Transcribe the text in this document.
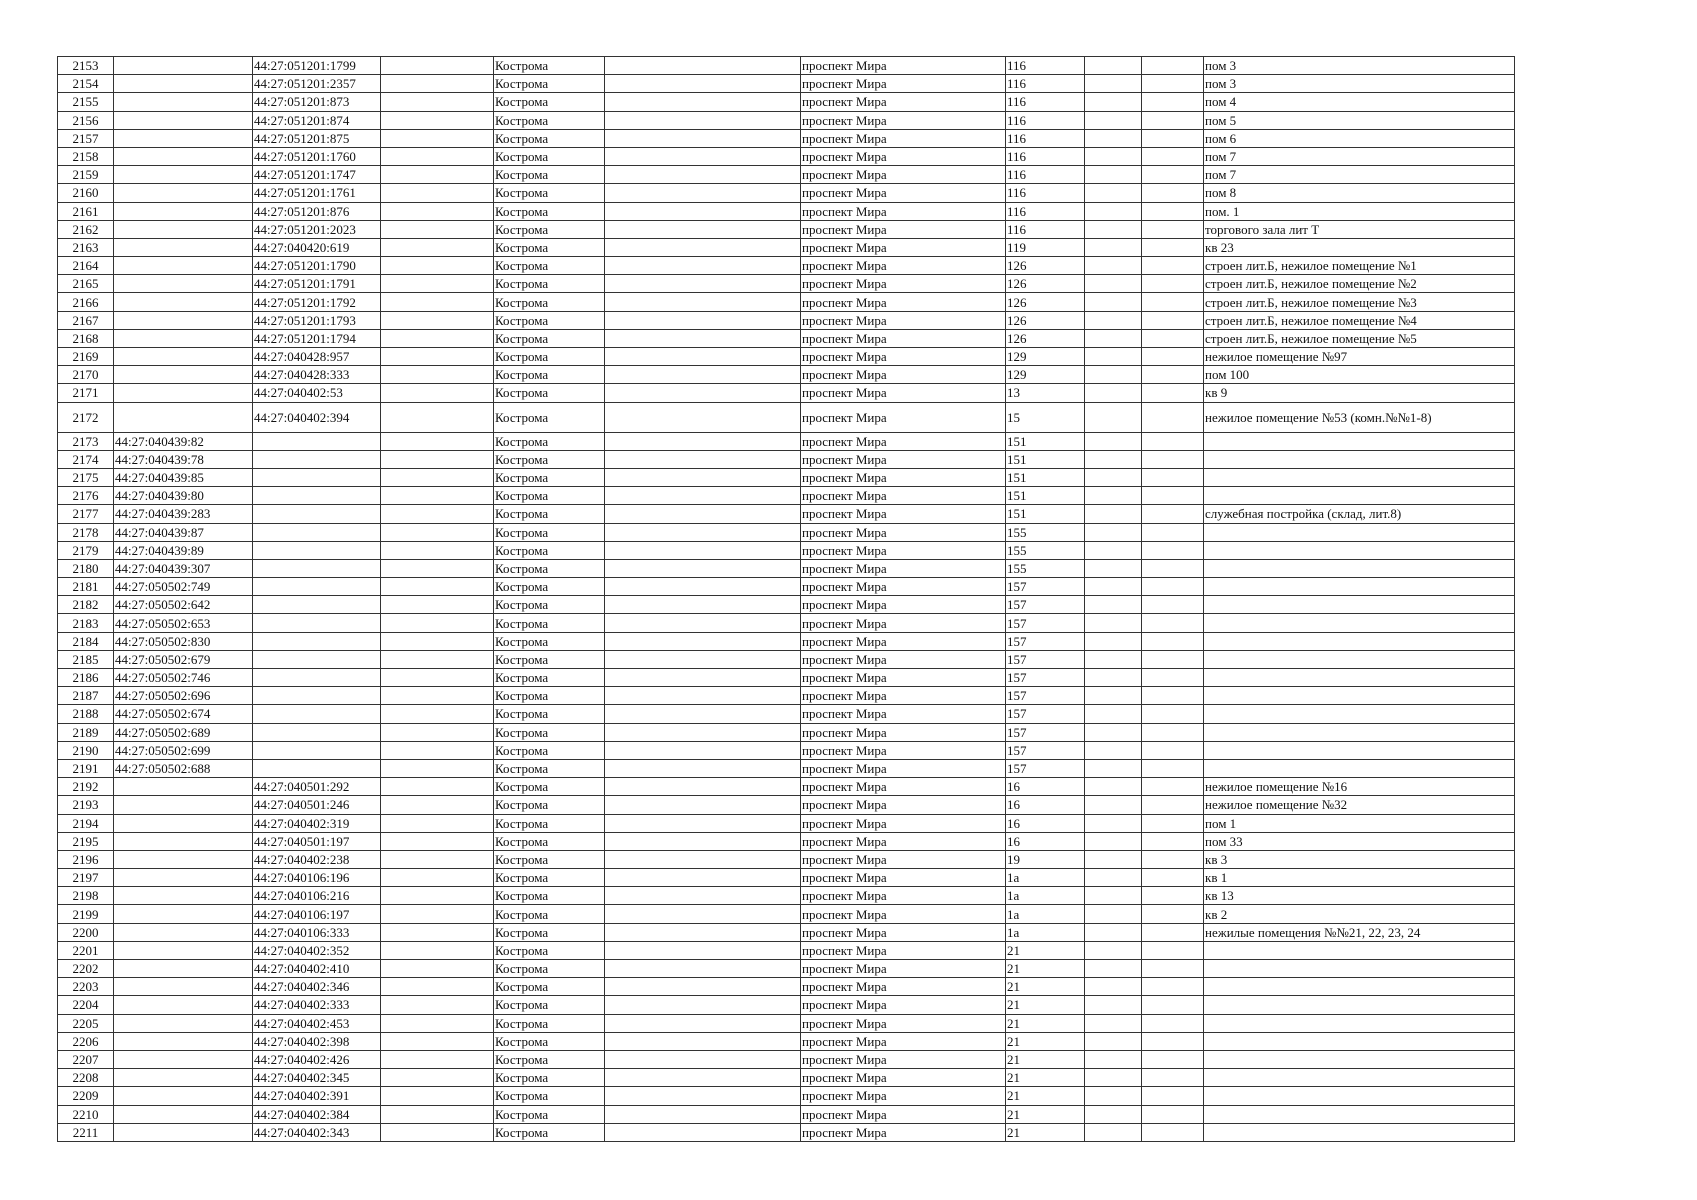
2153		44:27:051201:1799		Кострома		проспект Мира	116			пом 3
2154		44:27:051201:2357		Кострома		проспект Мира	116			пом 3
2155		44:27:051201:873		Кострома		проспект Мира	116			пом 4
2156		44:27:051201:874		Кострома		проспект Мира	116			пом 5
2157		44:27:051201:875		Кострома		проспект Мира	116			пом 6
2158		44:27:051201:1760		Кострома		проспект Мира	116			пом 7
2159		44:27:051201:1747		Кострома		проспект Мира	116			пом 7
2160		44:27:051201:1761		Кострома		проспект Мира	116			пом 8
2161		44:27:051201:876		Кострома		проспект Мира	116			пом. 1
2162		44:27:051201:2023		Кострома		проспект Мира	116			торгового зала лит Т
2163		44:27:040420:619		Кострома		проспект Мира	119			кв 23
2164		44:27:051201:1790		Кострома		проспект Мира	126			строен лит.Б, нежилое помещение №1
2165		44:27:051201:1791		Кострома		проспект Мира	126			строен лит.Б, нежилое помещение №2
2166		44:27:051201:1792		Кострома		проспект Мира	126			строен лит.Б, нежилое помещение №3
2167		44:27:051201:1793		Кострома		проспект Мира	126			строен лит.Б, нежилое помещение №4
2168		44:27:051201:1794		Кострома		проспект Мира	126			строен лит.Б, нежилое помещение №5
2169		44:27:040428:957		Кострома		проспект Мира	129			нежилое помещение №97
2170		44:27:040428:333		Кострома		проспект Мира	129			пом 100
2171		44:27:040402:53		Кострома		проспект Мира	13			кв 9
2172		44:27:040402:394		Кострома		проспект Мира	15			нежилое помещение №53 (комн.№№1-8)
2173	44:27:040439:82			Кострома		проспект Мира	151			
2174	44:27:040439:78			Кострома		проспект Мира	151			
2175	44:27:040439:85			Кострома		проспект Мира	151			
2176	44:27:040439:80			Кострома		проспект Мира	151			
2177	44:27:040439:283			Кострома		проспект Мира	151			служебная постройка (склад, лит.8)
2178	44:27:040439:87			Кострома		проспект Мира	155			
2179	44:27:040439:89			Кострома		проспект Мира	155			
2180	44:27:040439:307			Кострома		проспект Мира	155			
2181	44:27:050502:749			Кострома		проспект Мира	157			
2182	44:27:050502:642			Кострома		проспект Мира	157			
2183	44:27:050502:653			Кострома		проспект Мира	157			
2184	44:27:050502:830			Кострома		проспект Мира	157			
2185	44:27:050502:679			Кострома		проспект Мира	157			
2186	44:27:050502:746			Кострома		проспект Мира	157			
2187	44:27:050502:696			Кострома		проспект Мира	157			
2188	44:27:050502:674			Кострома		проспект Мира	157			
2189	44:27:050502:689			Кострома		проспект Мира	157			
2190	44:27:050502:699			Кострома		проспект Мира	157			
2191	44:27:050502:688			Кострома		проспект Мира	157			
2192		44:27:040501:292		Кострома		проспект Мира	16			нежилое помещение №16
2193		44:27:040501:246		Кострома		проспект Мира	16			нежилое помещение №32
2194		44:27:040402:319		Кострома		проспект Мира	16			пом 1
2195		44:27:040501:197		Кострома		проспект Мира	16			пом 33
2196		44:27:040402:238		Кострома		проспект Мира	19			кв 3
2197		44:27:040106:196		Кострома		проспект Мира	1а			кв 1
2198		44:27:040106:216		Кострома		проспект Мира	1а			кв 13
2199		44:27:040106:197		Кострома		проспект Мира	1а			кв 2
2200		44:27:040106:333		Кострома		проспект Мира	1а			нежилые помещения №№21, 22, 23, 24
2201		44:27:040402:352		Кострома		проспект Мира	21			
2202		44:27:040402:410		Кострома		проспект Мира	21			
2203		44:27:040402:346		Кострома		проспект Мира	21			
2204		44:27:040402:333		Кострома		проспект Мира	21			
2205		44:27:040402:453		Кострома		проспект Мира	21			
2206		44:27:040402:398		Кострома		проспект Мира	21			
2207		44:27:040402:426		Кострома		проспект Мира	21			
2208		44:27:040402:345		Кострома		проспект Мира	21			
2209		44:27:040402:391		Кострома		проспект Мира	21			
2210		44:27:040402:384		Кострома		проспект Мира	21			
2211		44:27:040402:343		Кострома		проспект Мира	21			
